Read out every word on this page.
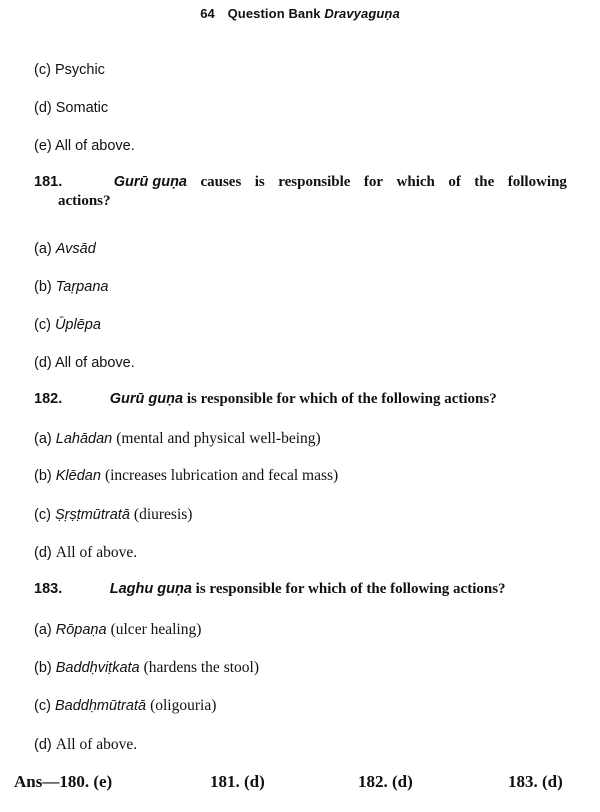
64 Question Bank Dravyaguṇa
(c) Psychic
(d) Somatic
(e) All of above.
181.	Gurū guṇa causes is responsible for which of the following
actions?
(a) Avsād
(b) Taṛpana
(c) Ūplēpa
(d) All of above.
182.	Gurū guṇa is responsible for which of the following actions?
(a) Lahādan (mental and physical well-being)
(b) Klēdan (increases lubrication and fecal mass)
(c) Ṣṛṣṭmūtratā (diuresis)
(d) All of above.
183.	Laghu guṇa is responsible for which of the following actions?
(a) Rōpaṇa (ulcer healing)
(b) Baddḥviṭkata (hardens the stool)
(c) Baddḥmūtratā (oligouria)
(d) All of above.
Ans—180. (e)	181. (d)	182. (d)	183. (d)
